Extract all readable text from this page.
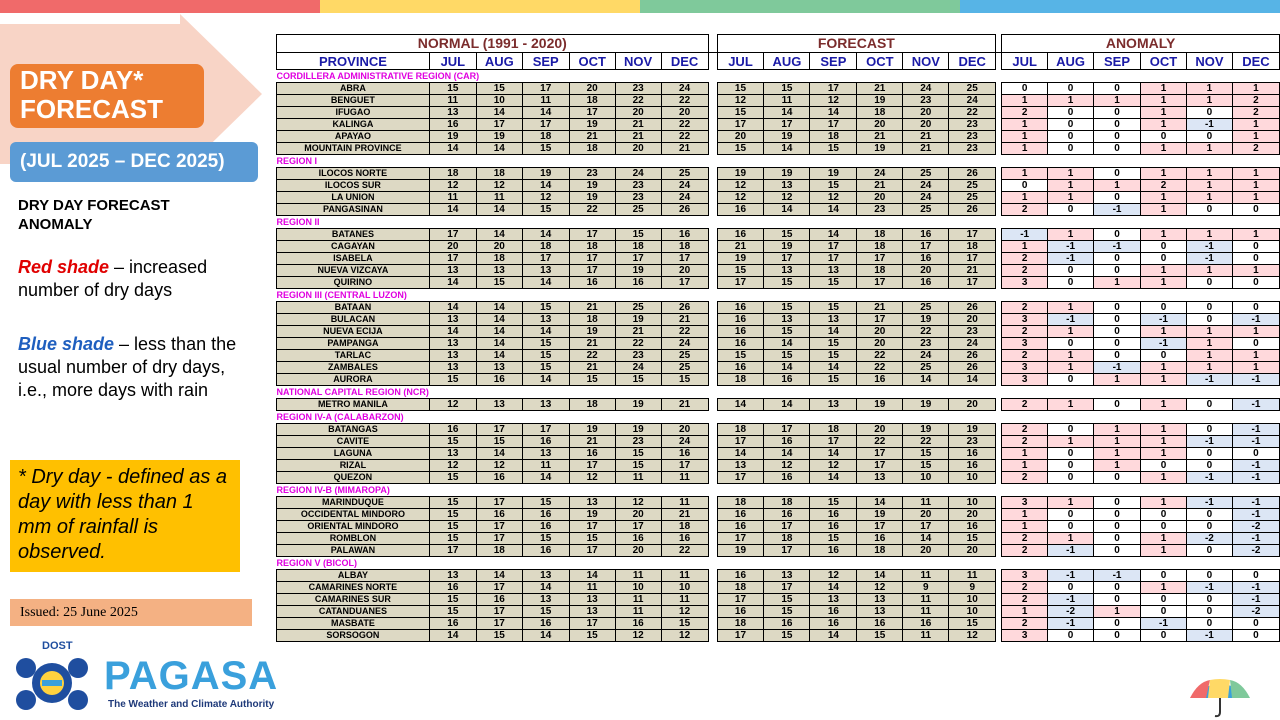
DRY DAY*
FORECAST
(JUL 2025 – DEC 2025)
DRY DAY FORECAST
ANOMALY
Red shade – increased number of dry days
Blue shade – less than the usual number of dry days, i.e., more days with rain
* Dry day - defined as a day with less than 1 mm of rainfall is observed.
Issued: 25 June 2025
DOST
PAGASA
The Weather and Climate Authority
NORMAL (1991 - 2020)								FORECAST							ANOMALY					
PROVINCE	JUL	AUG	SEP	OCT	NOV	DEC		JUL	AUG	SEP	OCT	NOV	DEC		JUL	AUG	SEP	OCT	NOV	DEC
CORDILLERA ADMINISTRATIVE REGION (CAR)																				
ABRA	15	15	17	20	23	24		15	15	17	21	24	25		0	0	0	1	1	1
BENGUET	11	10	11	18	22	22		12	11	12	19	23	24		1	1	1	1	1	2
IFUGAO	13	14	14	17	20	20		15	14	14	18	20	22		2	0	0	1	0	2
KALINGA	16	17	17	19	21	22		17	17	17	20	20	23		1	0	0	1	-1	1
APAYAO	19	19	18	21	21	22		20	19	18	21	21	23		1	0	0	0	0	1
MOUNTAIN PROVINCE	14	14	15	18	20	21		15	14	15	19	21	23		1	0	0	1	1	2
REGION I																				
ILOCOS NORTE	18	18	19	23	24	25		19	19	19	24	25	26		1	1	0	1	1	1
ILOCOS SUR	12	12	14	19	23	24		12	13	15	21	24	25		0	1	1	2	1	1
LA UNION	11	11	12	19	23	24		12	12	12	20	24	25		1	1	0	1	1	1
PANGASINAN	14	14	15	22	25	26		16	14	14	23	25	26		2	0	-1	1	0	0
REGION II																				
BATANES	17	14	14	17	15	16		16	15	14	18	16	17		-1	1	0	1	1	1
CAGAYAN	20	20	18	18	18	18		21	19	17	18	17	18		1	-1	-1	0	-1	0
ISABELA	17	18	17	17	17	17		19	17	17	17	16	17		2	-1	0	0	-1	0
NUEVA VIZCAYA	13	13	13	17	19	20		15	13	13	18	20	21		2	0	0	1	1	1
QUIRINO	14	15	14	16	16	17		17	15	15	17	16	17		3	0	1	1	0	0
REGION III (CENTRAL LUZON)																				
BATAAN	14	14	15	21	25	26		16	15	15	21	25	26		2	1	0	0	0	0
BULACAN	13	14	13	18	19	21		16	13	13	17	19	20		3	-1	0	-1	0	-1
NUEVA ECIJA	14	14	14	19	21	22		16	15	14	20	22	23		2	1	0	1	1	1
PAMPANGA	13	14	15	21	22	24		16	14	15	20	23	24		3	0	0	-1	1	0
TARLAC	13	14	15	22	23	25		15	15	15	22	24	26		2	1	0	0	1	1
ZAMBALES	13	13	15	21	24	25		16	14	14	22	25	26		3	1	-1	1	1	1
AURORA	15	16	14	15	15	15		18	16	15	16	14	14		3	0	1	1	-1	-1
NATIONAL CAPITAL REGION (NCR)																				
METRO MANILA	12	13	13	18	19	21		14	14	13	19	19	20		2	1	0	1	0	-1
REGION IV-A (CALABARZON)																				
BATANGAS	16	17	17	19	19	20		18	17	18	20	19	19		2	0	1	1	0	-1
CAVITE	15	15	16	21	23	24		17	16	17	22	22	23		2	1	1	1	-1	-1
LAGUNA	13	14	13	16	15	16		14	14	14	17	15	16		1	0	1	1	0	0
RIZAL	12	12	11	17	15	17		13	12	12	17	15	16		1	0	1	0	0	-1
QUEZON	15	16	14	12	11	11		17	16	14	13	10	10		2	0	0	1	-1	-1
REGION IV-B (MIMAROPA)																				
MARINDUQUE	15	17	15	13	12	11		18	18	15	14	11	10		3	1	0	1	-1	-1
OCCIDENTAL MINDORO	15	16	16	19	20	21		16	16	16	19	20	20		1	0	0	0	0	-1
ORIENTAL MINDORO	15	17	16	17	17	18		16	17	16	17	17	16		1	0	0	0	0	-2
ROMBLON	15	17	15	15	16	16		17	18	15	16	14	15		2	1	0	1	-2	-1
PALAWAN	17	18	16	17	20	22		19	17	16	18	20	20		2	-1	0	1	0	-2
REGION V (BICOL)																				
ALBAY	13	14	13	14	11	11		16	13	12	14	11	11		3	-1	-1	0	0	0
CAMARINES NORTE	16	17	14	11	10	10		18	17	14	12	9	9		2	0	0	1	-1	-1
CAMARINES SUR	15	16	13	13	11	11		17	15	13	13	11	10		2	-1	0	0	0	-1
CATANDUANES	15	17	15	13	11	12		16	15	16	13	11	10		1	-2	1	0	0	-2
MASBATE	16	17	16	17	16	15		18	16	16	16	16	15		2	-1	0	-1	0	0
SORSOGON	14	15	14	15	12	12		17	15	14	15	11	12		3	0	0	0	-1	0
